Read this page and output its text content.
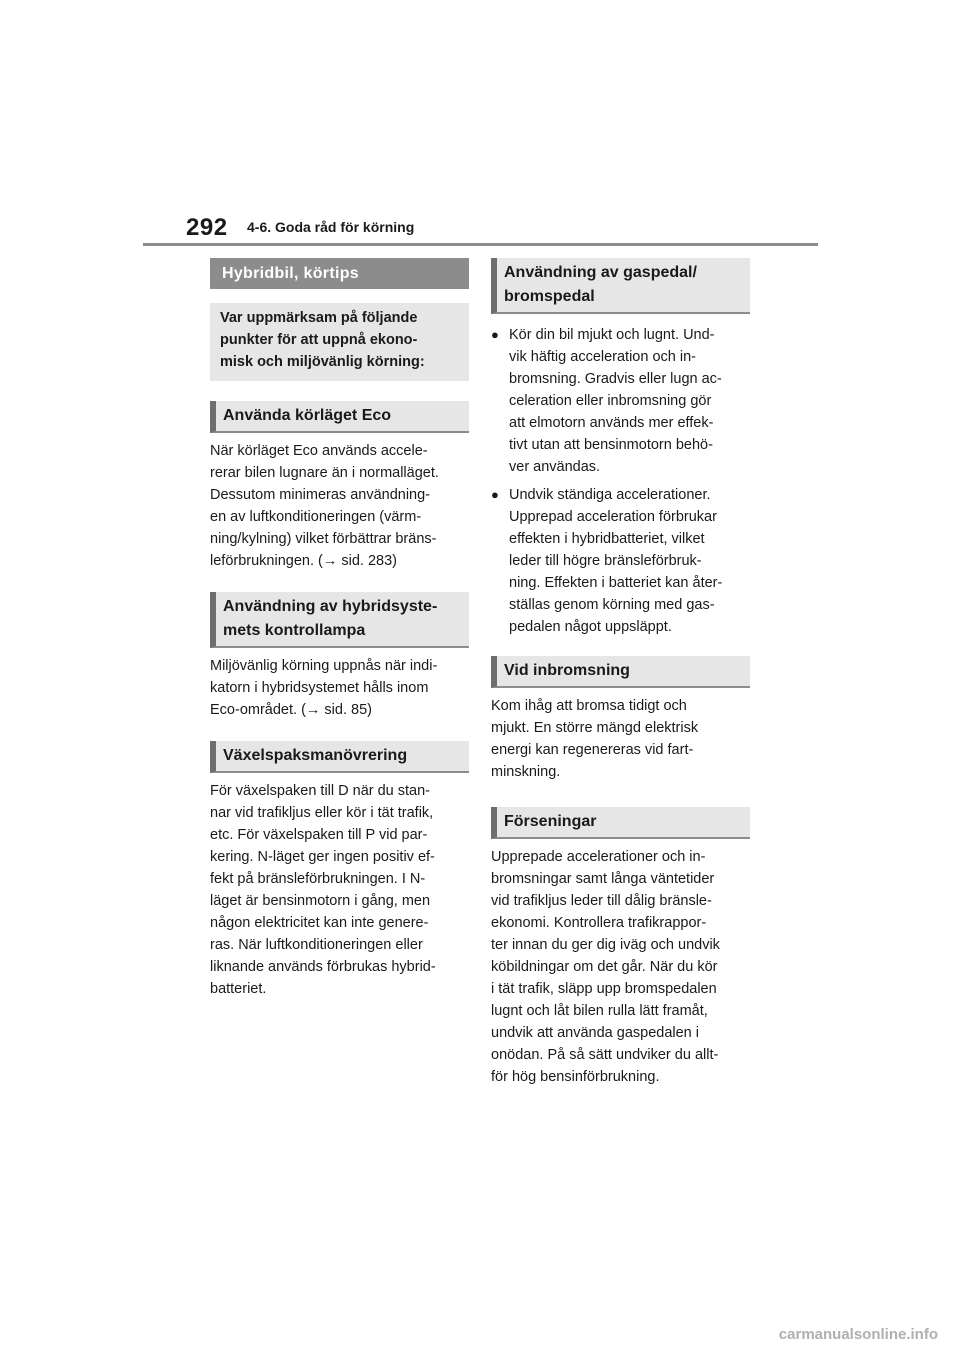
292 4-6. Goda råd för körning
Hybridbil, körtips
Var uppmärksam på följande
punkter för att uppnå ekono-
misk och miljövänlig körning:
Använda körläget Eco

När körläget Eco används accele-
rerar bilen lugnare än i normalläget.
Dessutom minimeras användning-
en av luftkonditioneringen (värm-
ning/kylning) vilket förbättrar bräns-
leförbrukningen. (→ sid. 283)

Användning av hybridsyste-
mets kontrollampa

Miljövänlig körning uppnås när indi-
katorn i hybridsystemet hålls inom
Eco-området. (→ sid. 85)

Växelspaksmanövrering

För växelspaken till D när du stan-
nar vid trafikljus eller kör i tät trafik,
etc. För växelspaken till P vid par-
kering. N-läget ger ingen positiv ef-
fekt på bränsleförbrukningen. I N-
läget är bensinmotorn i gång, men
någon elektricitet kan inte genere-
ras. När luftkonditioneringen eller
liknande används förbrukas hybrid-
batteriet.

Användning av gaspedal/
bromspedal
● Kör din bil mjukt och lugnt. Und-
vik häftig acceleration och in-
bromsning. Gradvis eller lugn ac-
celeration eller inbromsning gör
att elmotorn används mer effek-
tivt utan att bensinmotorn behö-
ver användas.
● Undvik ständiga accelerationer.
Upprepad acceleration förbrukar
effekten i hybridbatteriet, vilket
leder till högre bränsleförbruk-
ning. Effekten i batteriet kan åter-
ställas genom körning med gas-
pedalen något uppsläppt.
Vid inbromsning

Kom ihåg att bromsa tidigt och
mjukt. En större mängd elektrisk
energi kan regenereras vid fart-
minskning.

Förseningar

Upprepade accelerationer och in-
bromsningar samt långa väntetider
vid trafikljus leder till dålig bränsle-
ekonomi. Kontrollera trafikrappor-
ter innan du ger dig iväg och undvik
köbildningar om det går. När du kör
i tät trafik, släpp upp bromspedalen
lugnt och låt bilen rulla lätt framåt,
undvik att använda gaspedalen i
onödan. På så sätt undviker du allt-
för hög bensinförbrukning.

carmanualsonline.info
